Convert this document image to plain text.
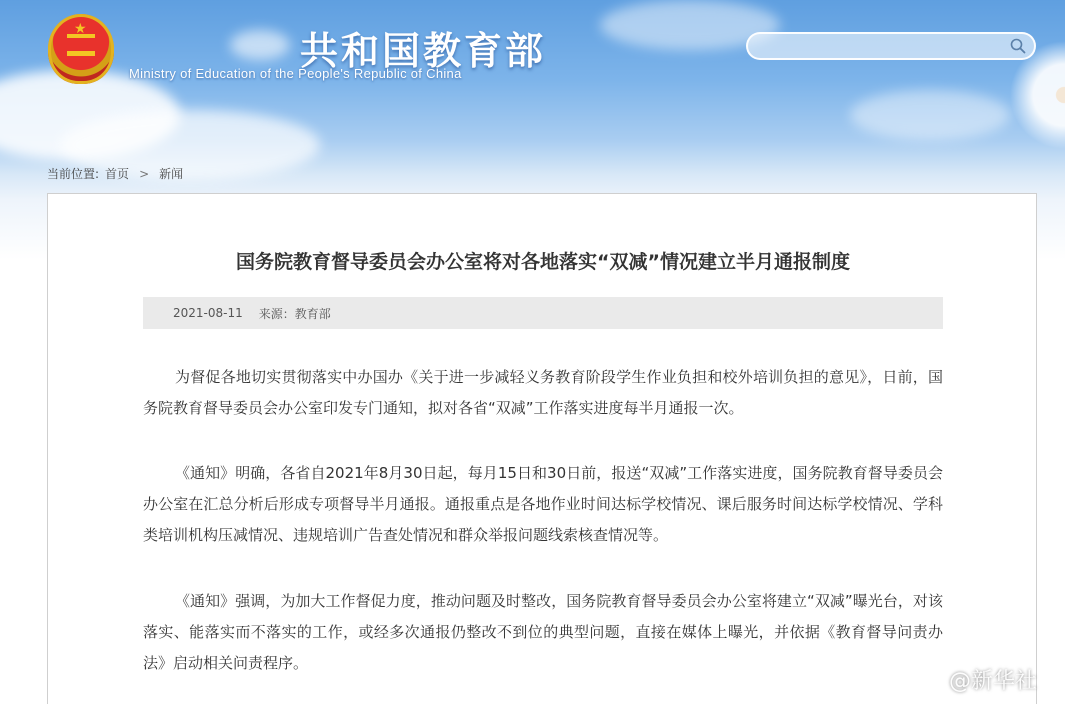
★	共和国教育部
Ministry of Education of the People's Republic of China
当前位置: 首页 > 新闻
国务院教育督导委员会办公室将对各地落实“双减”情况建立半月通报制度
2021-08-11 来源：教育部

为督促各地切实贯彻落实中办国办《关于进一步减轻义务教育阶段学生作业负担和校外培训负担的意见》，日前，国务院教育督导委员会办公室印发专门通知，拟对各省“双减”工作落实进度每半月通报一次。

《通知》明确，各省自2021年8月30日起，每月15日和30日前，报送“双减”工作落实进度，国务院教育督导委员会办公室在汇总分析后形成专项督导半月通报。通报重点是各地作业时间达标学校情况、课后服务时间达标学校情况、学科类培训机构压减情况、违规培训广告查处情况和群众举报问题线索核查情况等。

《通知》强调，为加大工作督促力度，推动问题及时整改，国务院教育督导委员会办公室将建立“双减”曝光台，对该落实、能落实而不落实的工作，或经多次通报仍整改不到位的典型问题，直接在媒体上曝光，并依据《教育督导问责办法》启动相关问责程序。

@新华社
